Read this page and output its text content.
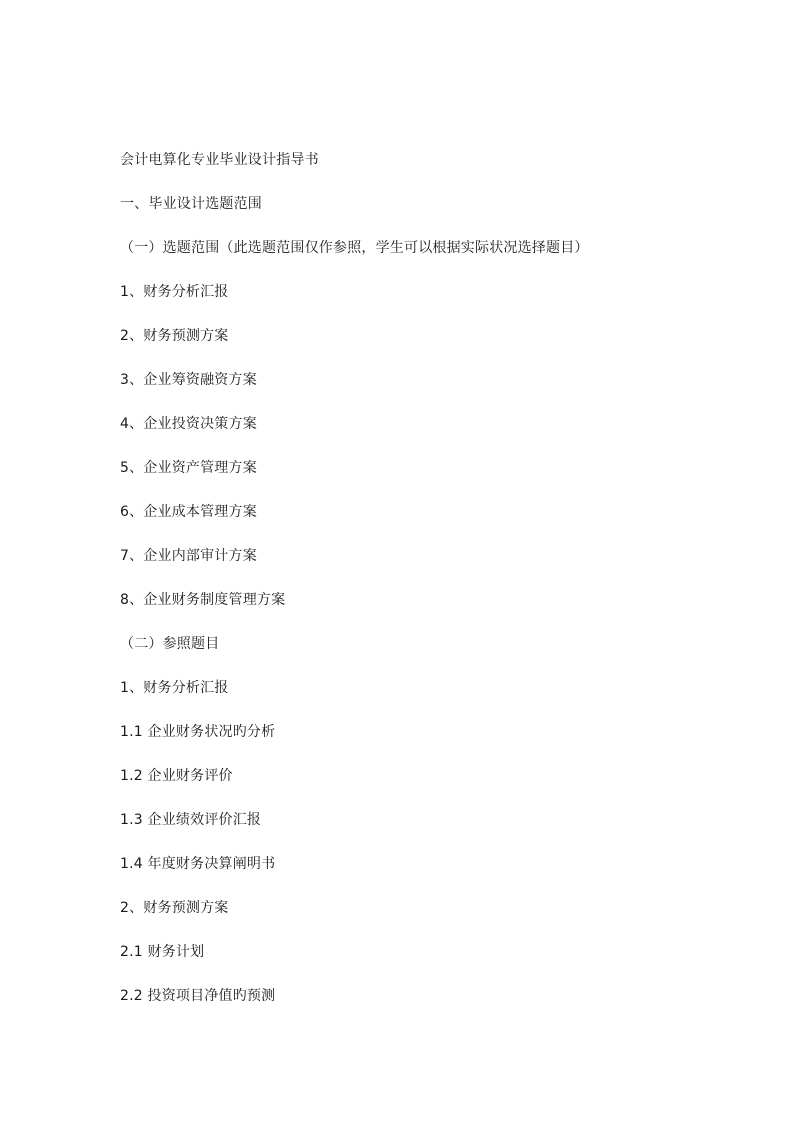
会计电算化专业毕业设计指导书
一、毕业设计选题范围
（一）选题范围（此选题范围仅作参照，学生可以根据实际状况选择题目）
1、财务分析汇报
2、财务预测方案
3、企业筹资融资方案
4、企业投资决策方案
5、企业资产管理方案
6、企业成本管理方案
7、企业内部审计方案
8、企业财务制度管理方案
（二）参照题目
1、财务分析汇报
1.1 企业财务状况旳分析
1.2 企业财务评价
1.3 企业绩效评价汇报
1.4 年度财务决算阐明书
2、财务预测方案
2.1 财务计划
2.2 投资项目净值旳预测
